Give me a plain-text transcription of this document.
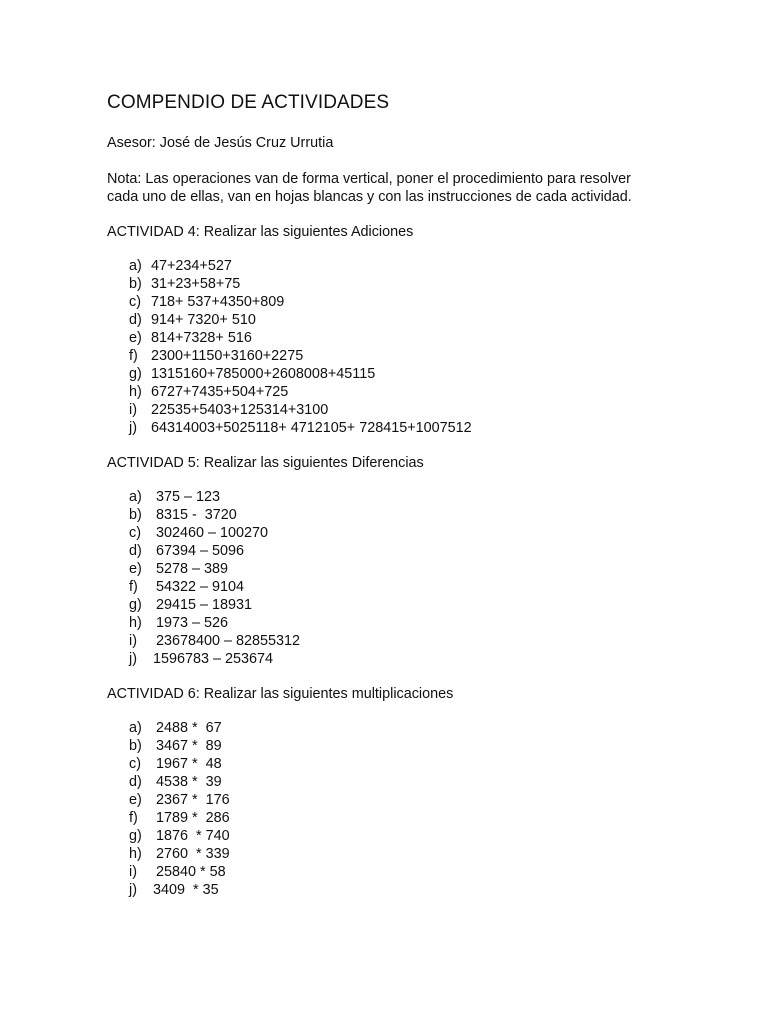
COMPENDIO DE ACTIVIDADES

Asesor: José de Jesús Cruz Urrutia

Nota: Las operaciones van de forma vertical, poner el procedimiento para resolver

cada uno de ellas, van en hojas blancas y con las instrucciones de cada actividad.

ACTIVIDAD 4: Realizar las siguientes Adiciones

a) 47+234+527
b) 31+23+58+75
c) 718+ 537+4350+809
d) 914+ 7320+ 510
e) 814+7328+ 516
f) 2300+1150+3160+2275
g) 1315160+785000+2608008+45115
h) 6727+7435+504+725
i) 22535+5403+125314+3100
j) 64314003+5025118+ 4712105+ 728415+1007512

ACTIVIDAD 5: Realizar las siguientes Diferencias

a) 375 – 123
b) 8315 -  3720
c)	302460 – 100270
d) 67394 – 5096
e) 5278 – 389
f)	54322 – 9104
g) 29415 – 18931
h) 1973 – 526
i)	23678400 – 82855312
j)	1596783 – 253674

ACTIVIDAD 6: Realizar las siguientes multiplicaciones

a) 2488 *  67
b) 3467 *  89
c)	1967 *  48
d) 4538 *  39
e) 2367 *  176
f)	1789 *  286
g) 1876  * 740
h) 2760  * 339
i)	25840 * 58
j)	3409  * 35
